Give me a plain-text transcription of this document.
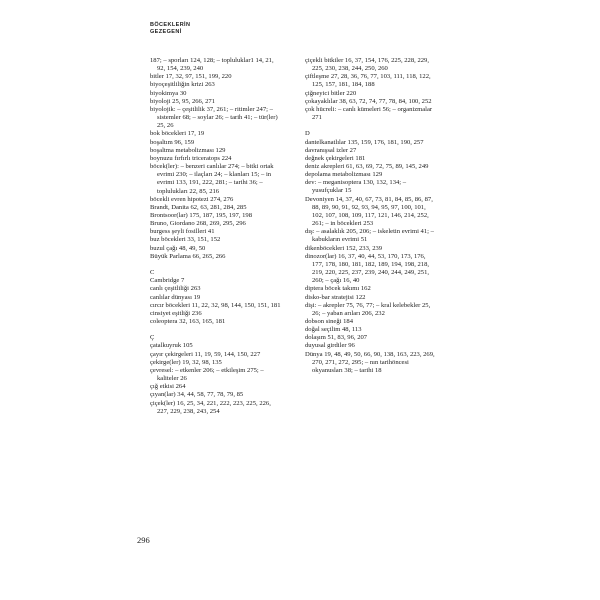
BÖCEKLERİN
GEZEGENİ
187; – sporları 124, 128; – topluluklar1 14, 21, 92, 154, 239, 240
bitler 17, 32, 97, 151, 199, 220
biyoçeşitliliğin krizi 263
biyokimya 30
biyoloji 25, 95, 266, 271
biyolojik: – çeşitlilik 37, 261; – ritimler 247; – sistemler 68; – soylar 26; – tarih 41; – tür(ler) 25, 26
bok böcekleri 17, 19
boşaltım 96, 159
boşaltma metabolizması 129
boynuzu fırfırlı triceratops 224
böcek(ler): – benzeri canlılar 274; – bitki ortak evrimi 230; – ilaçları 24; – klanları 15; – in evrimi 133, 191, 222, 281; – tarihi 36; – toplulukları 22, 85, 216
böcekli evren hipotezi 274, 276
Brandt, Danita 62, 63, 281, 284, 285
Brontsoor(lar) 175, 187, 195, 197, 198
Bruno, Giordano 268, 269, 295, 296
burgess şeyli fosilleri 41
buz böcekleri 33, 151, 152
buzul çağı 48, 49, 50
Büyük Parlama 66, 265, 266
C
Cambridge 7
canlı çeşitliliği 263
canlılar dünyası 19
cırcır böcekleri 11, 22, 32, 98, 144, 150, 151, 181
cinsiyet eşitliği 236
coleoptera 32, 163, 165, 181
Ç
çatalkuyruk 105
çayır çekirgeleri 11, 19, 59, 144, 150, 227
çekirge(ler) 19, 32, 98, 135
çevresel: – etkenler 206; – etkileşim 275; – kaliteler 26
çığ etkisi 264
çıyan(lar) 34, 44, 58, 77, 78, 79, 85
çiçek(ler) 16, 25, 34, 221, 222, 223, 225, 226, 227, 229, 238, 243, 254
çiçekli bitkiler 16, 37, 154, 176, 225, 228, 229, 225, 230, 238, 244, 250, 260
çiftleşme 27, 28, 36, 76, 77, 103, 111, 118, 122, 125, 157, 181, 184, 188
çiğneyici bitler 220
çokayaklılar 38, 63, 72, 74, 77, 78, 84, 100, 252
çok hücreli: – canlı kümeleri 56; – organizmalar 271
D
dantelkanatlılar 135, 159, 176, 181, 190, 257
davranışsal izler 27
değnek çekirgeleri 181
deniz akrepleri 61, 63, 69, 72, 75, 89, 145, 249
depolama metabolizması 129
dev: – meganisoptera 130, 132, 134; – yusufçuklar 15
Devoniyen 14, 37, 40, 67, 73, 81, 84, 85, 86, 87, 88, 89, 90, 91, 92, 93, 94, 95, 97, 100, 101, 102, 107, 108, 109, 117, 121, 146, 214, 252, 261; – in böcekleri 253
dış: – asalaklık 205, 206; – iskeletin evrimi 41; – kabukların evrimi 51
dikenböcekleri 152, 233, 239
dinozor(lar) 16, 37, 40, 44, 53, 170, 173, 176, 177, 178, 180, 181, 182, 189, 194, 198, 218, 219, 220, 225, 237, 239, 240, 244, 249, 251, 260; – çağı 16, 40
diptera böcek takımı 162
disko-bar stratejisi 122
dişi: – akrepler 75, 76, 77; – kral kelebekler 25, 26; – yaban arıları 206, 232
dobson sineği 184
doğal seçilim 48, 113
dolaşım 51, 83, 96, 207
duyusal girdiler 96
Dünya 19, 48, 49, 50, 66, 90, 138, 163, 223, 269, 270, 271, 272, 295; – nın tarihöncesi okyanusları 38; – tarihi 18
296
